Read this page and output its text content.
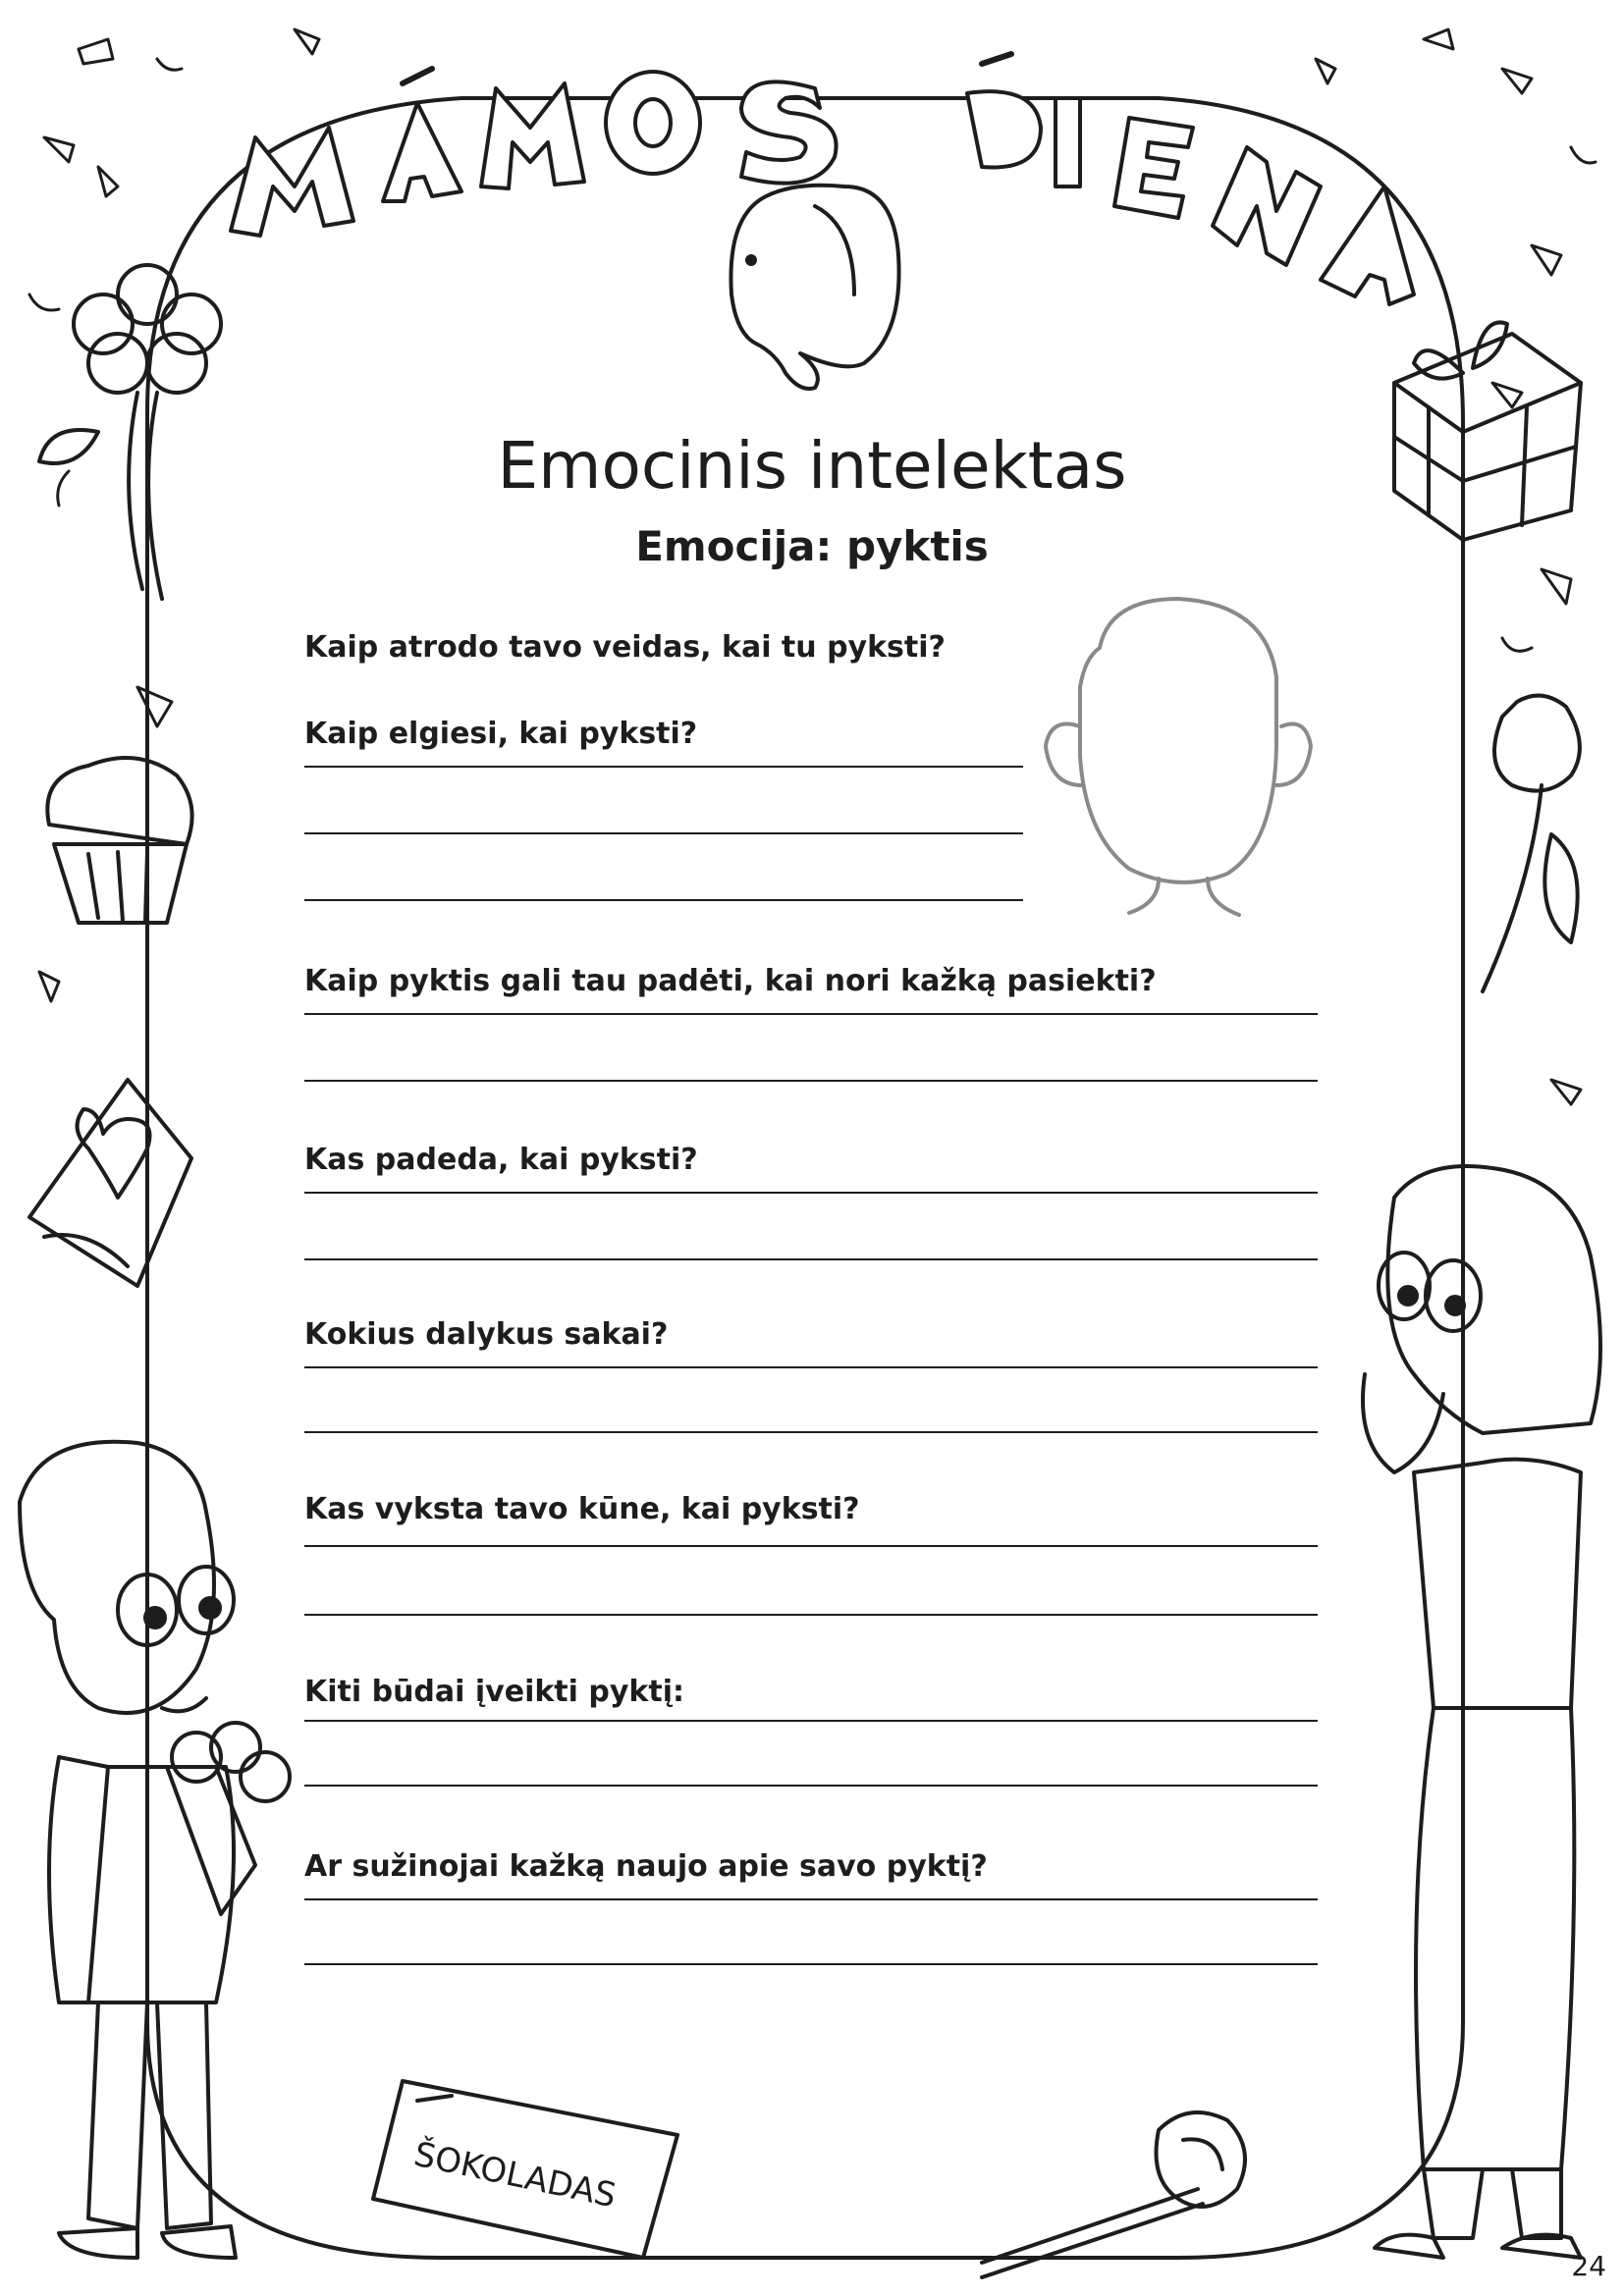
ŠOKOLADAS
Emocinis intelektas
Emocija: pyktis
Kaip atrodo tavo veidas, kai tu pyksti?
Kaip elgiesi, kai pyksti?
Kaip pyktis gali tau padėti, kai nori kažką pasiekti?
Kas padeda, kai pyksti?
Kokius dalykus sakai?
Kas vyksta tavo kūne, kai pyksti?
Kiti būdai įveikti pyktį:
Ar sužinojai kažką naujo apie savo pyktį?
24
